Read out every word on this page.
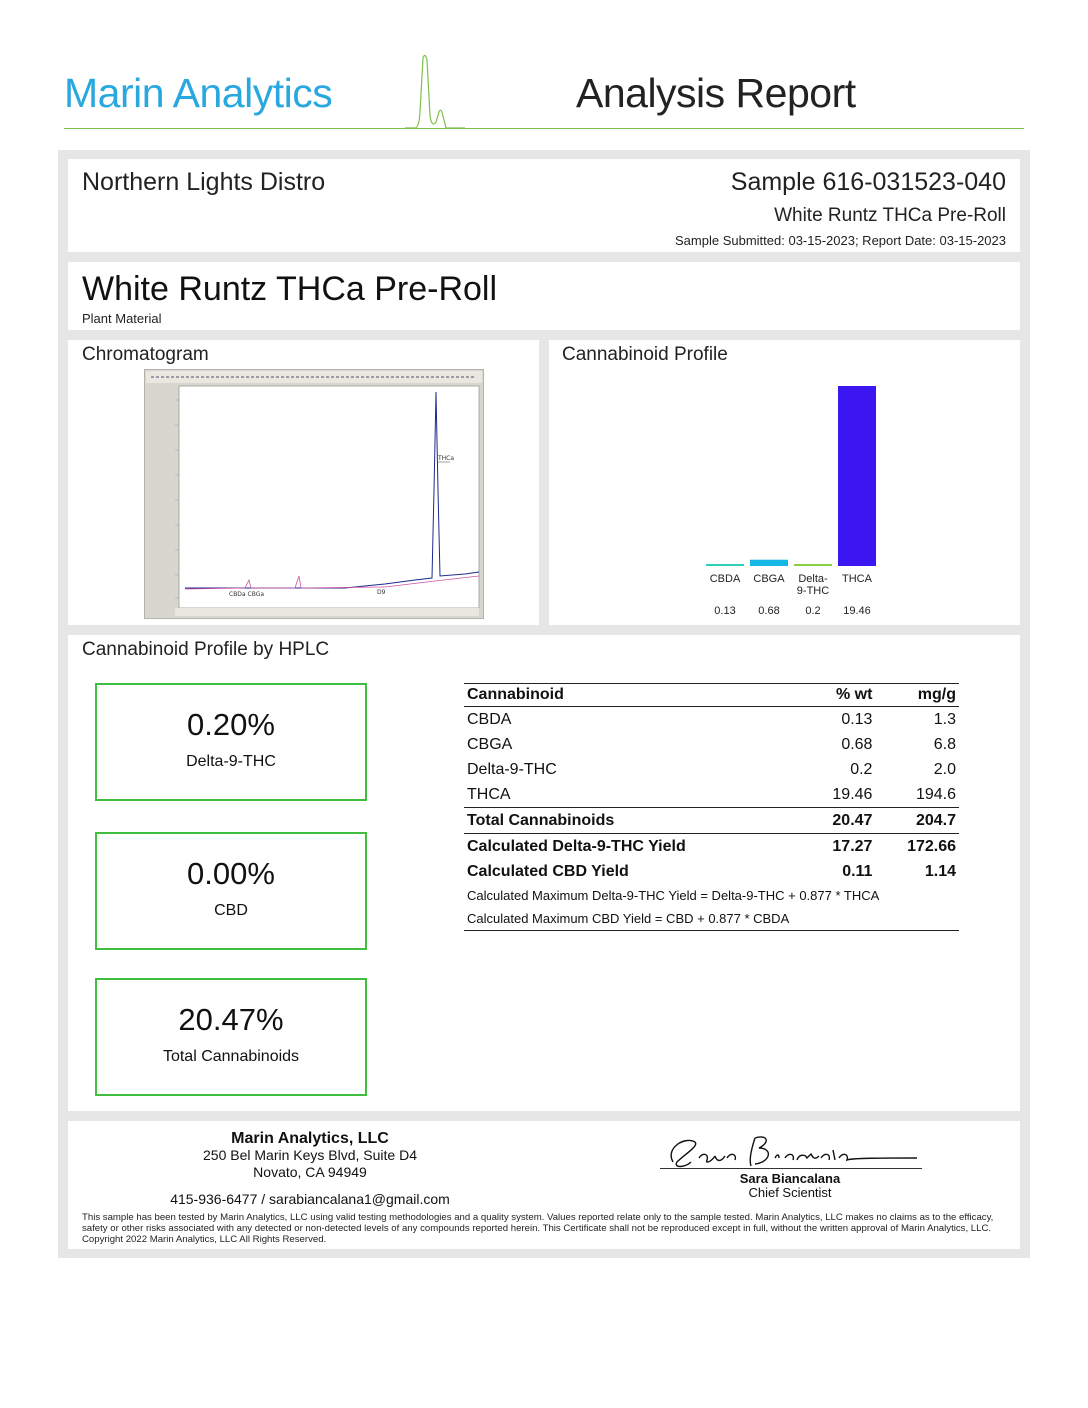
Marin Analytics	Analysis Report
Northern Lights Distro	Sample 616-031523-040
White Runtz THCa Pre-Roll
Sample Submitted: 03-15-2023; Report Date: 03-15-2023
White Runtz THCa Pre-Roll
Plant Material
Chromatogram
THCa
CBDa CBGa	D9
Cannabinoid Profile
CBDA
0.13
CBGA
0.68
Delta-9-THC
0.2
THCA
19.46
Cannabinoid Profile by HPLC
0.20%
Delta-9-THC
0.00%
CBD
20.47%
Total Cannabinoids
Cannabinoid	% wt	mg/g
CBDA	0.13	1.3
CBGA	0.68	6.8
Delta-9-THC	0.2	2.0
THCA	19.46	194.6
Total Cannabinoids	20.47	204.7
Calculated Delta-9-THC Yield	17.27	172.66
Calculated CBD Yield	0.11	1.14
Calculated Maximum Delta-9-THC Yield = Delta-9-THC + 0.877 * THCA		
Calculated Maximum CBD Yield = CBD + 0.877 * CBDA		
Marin Analytics, LLC
250 Bel Marin Keys Blvd, Suite D4
Novato, CA 94949
415-936-6477 / sarabiancalana1@gmail.com
Sara Biancalana
Chief Scientist
This sample has been tested by Marin Analytics, LLC using valid testing methodologies and a quality system. Values reported relate only to the sample tested. Marin Analytics, LLC makes no claims as to the efficacy, safety or other risks associated with any detected or non-detected levels of any compounds reported herein. This Certificate shall not be reproduced except in full, without the written approval of Marin Analytics, LLC. Copyright 2022 Marin Analytics, LLC All Rights Reserved.
